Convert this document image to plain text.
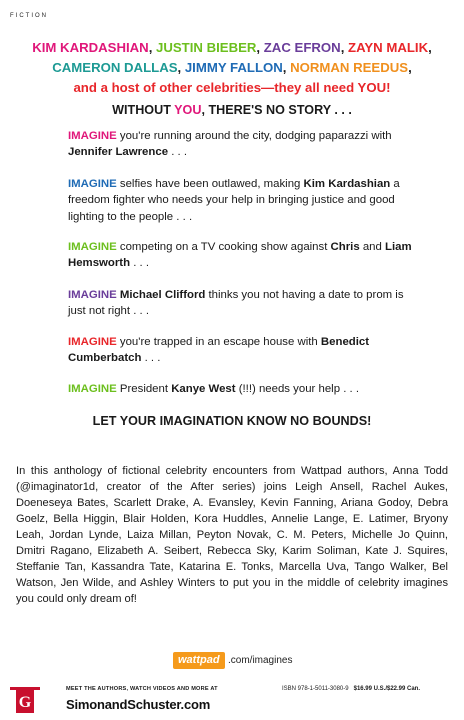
FICTION
KIM KARDASHIAN, JUSTIN BIEBER, ZAC EFRON, ZAYN MALIK,
CAMERON DALLAS, JIMMY FALLON, NORMAN REEDUS,
and a host of other celebrities—they all need YOU!
WITHOUT YOU, THERE'S NO STORY . . .
IMAGINE you're running around the city, dodging paparazzi with Jennifer Lawrence . . .
IMAGINE selfies have been outlawed, making Kim Kardashian a freedom fighter who needs your help in bringing justice and good lighting to the people . . .
IMAGINE competing on a TV cooking show against Chris and Liam Hemsworth . . .
IMAGINE Michael Clifford thinks you not having a date to prom is just not right . . .
IMAGINE you're trapped in an escape house with Benedict Cumberbatch . . .
IMAGINE President Kanye West (!!!) needs your help . . .
LET YOUR IMAGINATION KNOW NO BOUNDS!
In this anthology of fictional celebrity encounters from Wattpad authors, Anna Todd (@imaginator1d, creator of the After series) joins Leigh Ansell, Rachel Aukes, Doeneseya Bates, Scarlett Drake, A. Evansley, Kevin Fanning, Ariana Godoy, Debra Goelz, Bella Higgin, Blair Holden, Kora Huddles, Annelie Lange, E. Latimer, Bryony Leah, Jordan Lynde, Laiza Millan, Peyton Novak, C. M. Peters, Michelle Jo Quinn, Dmitri Ragano, Elizabeth A. Seibert, Rebecca Sky, Karim Soliman, Kate J. Squires, Steffanie Tan, Kassandra Tate, Katarina E. Tonks, Marcella Uva, Tango Walker, Bel Watson, Jen Wilde, and Ashley Winters to put you in the middle of celebrity imagines you could only dream of!
wattpad .com/imagines
G
MEET THE AUTHORS, WATCH VIDEOS AND MORE AT
SimonandSchuster.com
ISBN 978-1-5011-3080-9 $16.99 U.S./$22.99 Can.
